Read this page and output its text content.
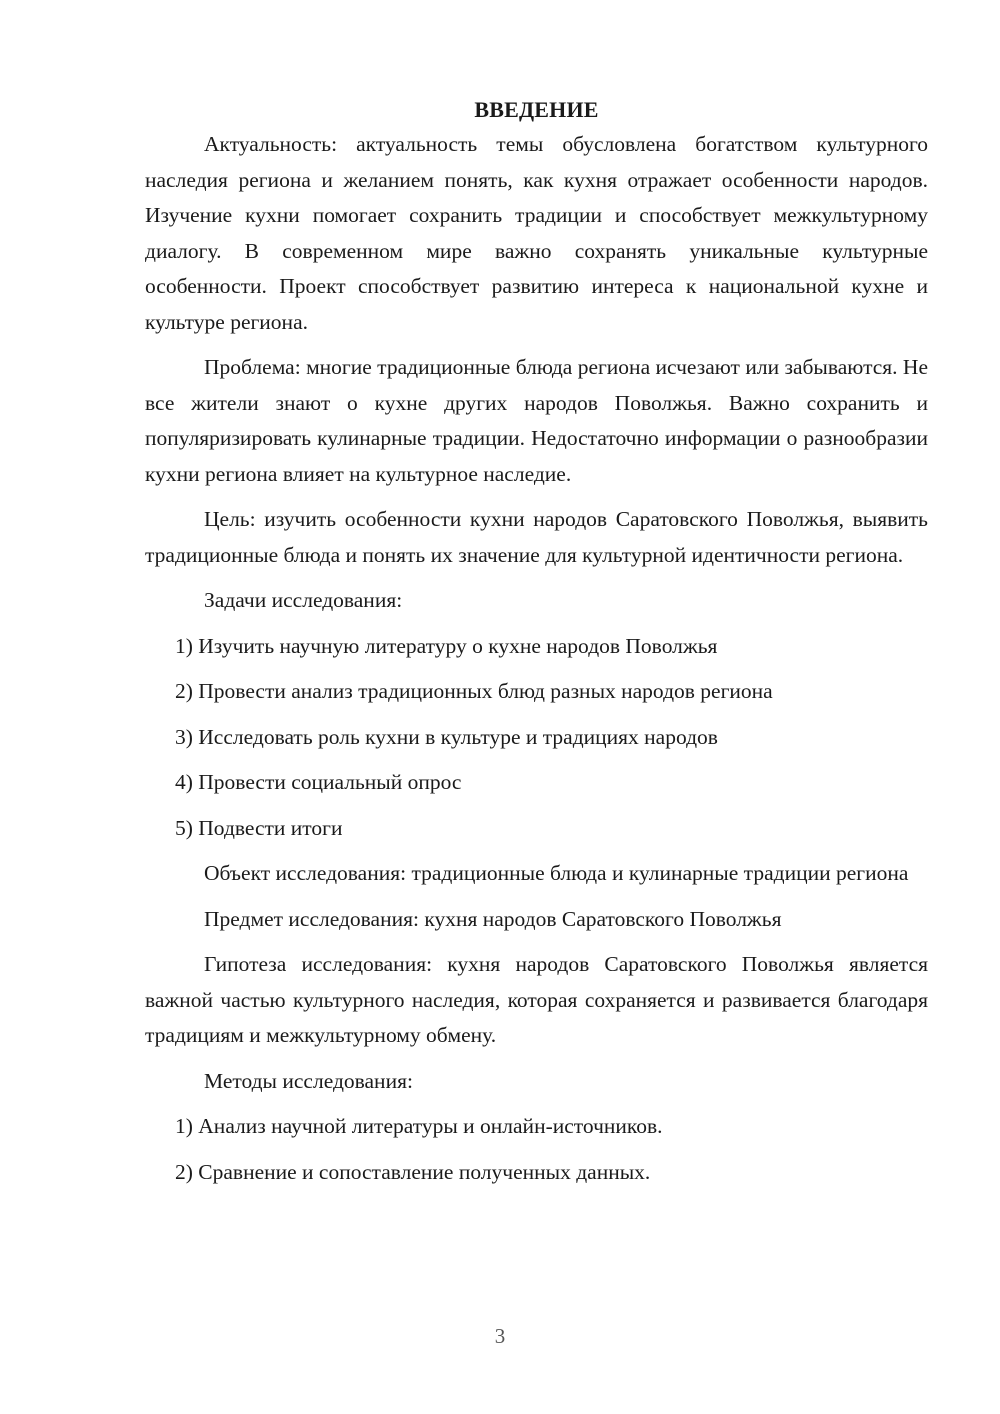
ВВЕДЕНИЕ

Актуальность: актуальность темы обусловлена богатством культурного наследия региона и желанием понять, как кухня отражает особенности народов. Изучение кухни помогает сохранить традиции и способствует межкультурному диалогу. В современном мире важно сохранять уникальные культурные особенности. Проект способствует развитию интереса к национальной кухне и культуре региона.

Проблема: многие традиционные блюда региона исчезают или забываются. Не все жители знают о кухне других народов Поволжья. Важно сохранить и популяризировать кулинарные традиции. Недостаточно информации о разнообразии кухни региона влияет на культурное наследие.

Цель: изучить особенности кухни народов Саратовского Поволжья, выявить традиционные блюда и понять их значение для культурной идентичности региона.

Задачи исследования:

1) Изучить научную литературу о кухне народов Поволжья
2) Провести анализ традиционных блюд разных народов региона
3) Исследовать роль кухни в культуре и традициях народов
4) Провести социальный опрос
5) Подвести итоги

Объект исследования: традиционные блюда и кулинарные традиции региона

Предмет исследования: кухня народов Саратовского Поволжья

Гипотеза исследования: кухня народов Саратовского Поволжья является важной частью культурного наследия, которая сохраняется и развивается благодаря традициям и межкультурному обмену.

Методы исследования:

1) Анализ научной литературы и онлайн-источников.
2) Сравнение и сопоставление полученных данных.
3
